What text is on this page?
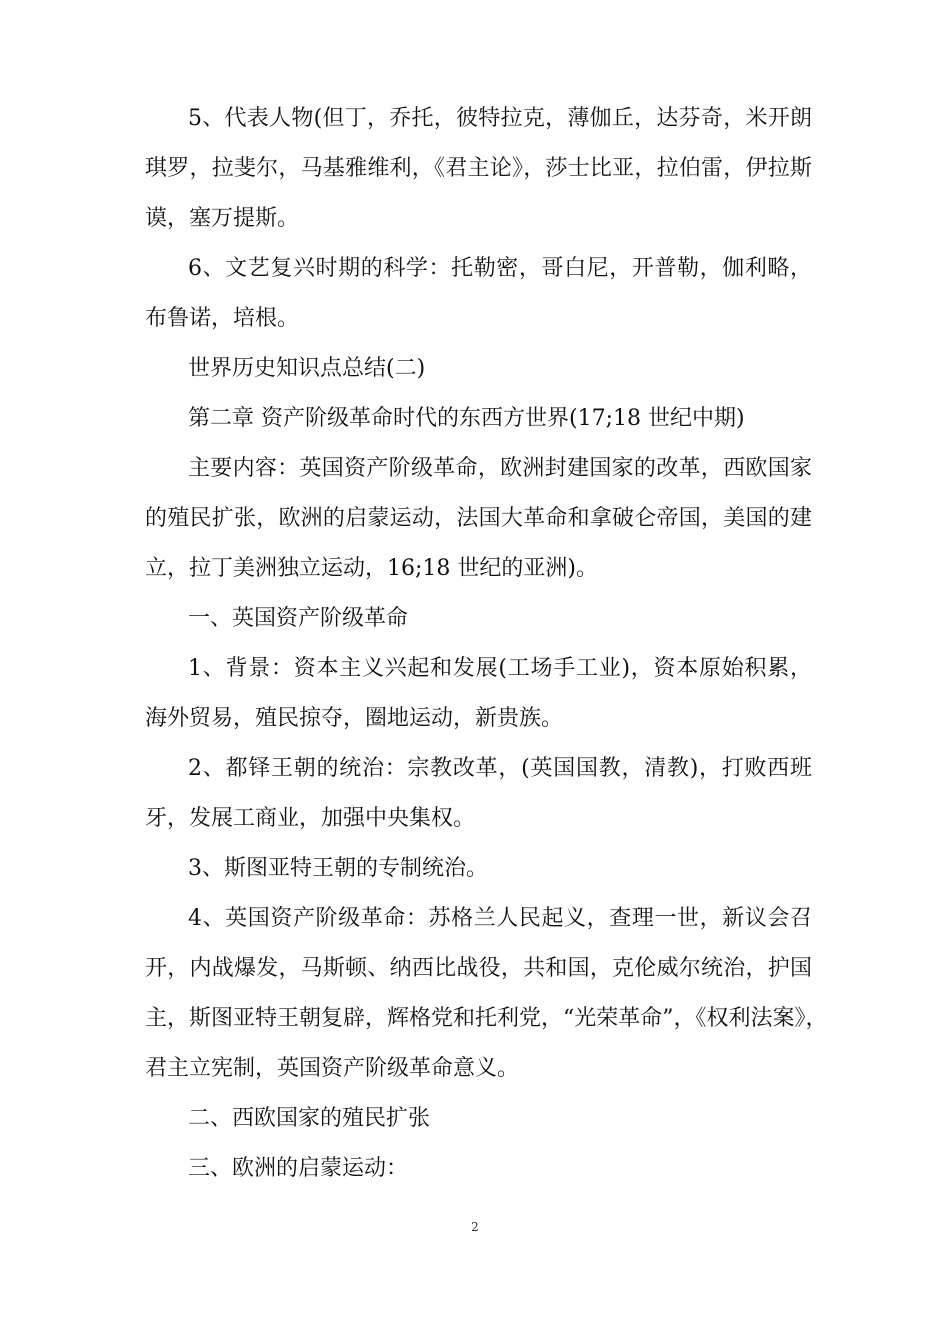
5、代表人物(但丁，乔托，彼特拉克，薄伽丘，达芬奇，米开朗
琪罗，拉斐尔，马基雅维利，《君主论》，莎士比亚，拉伯雷，伊拉斯
谟，塞万提斯。
6、文艺复兴时期的科学：托勒密，哥白尼，开普勒，伽利略，
布鲁诺，培根。
世界历史知识点总结(二)
第二章 资产阶级革命时代的东西方世界(17;18 世纪中期)
主要内容：英国资产阶级革命，欧洲封建国家的改革，西欧国家
的殖民扩张，欧洲的启蒙运动，法国大革命和拿破仑帝国，美国的建
立，拉丁美洲独立运动，16;18 世纪的亚洲)。
一、英国资产阶级革命
1、背景：资本主义兴起和发展(工场手工业)，资本原始积累，
海外贸易，殖民掠夺，圈地运动，新贵族。
2、都铎王朝的统治：宗教改革，(英国国教，清教)，打败西班
牙，发展工商业，加强中央集权。
3、斯图亚特王朝的专制统治。
4、英国资产阶级革命：苏格兰人民起义，查理一世，新议会召
开，内战爆发，马斯顿、纳西比战役，共和国，克伦威尔统治，护国
主，斯图亚特王朝复辟，辉格党和托利党，“光荣革命”，《权利法案》，
君主立宪制，英国资产阶级革命意义。
二、西欧国家的殖民扩张
三、欧洲的启蒙运动：
2
